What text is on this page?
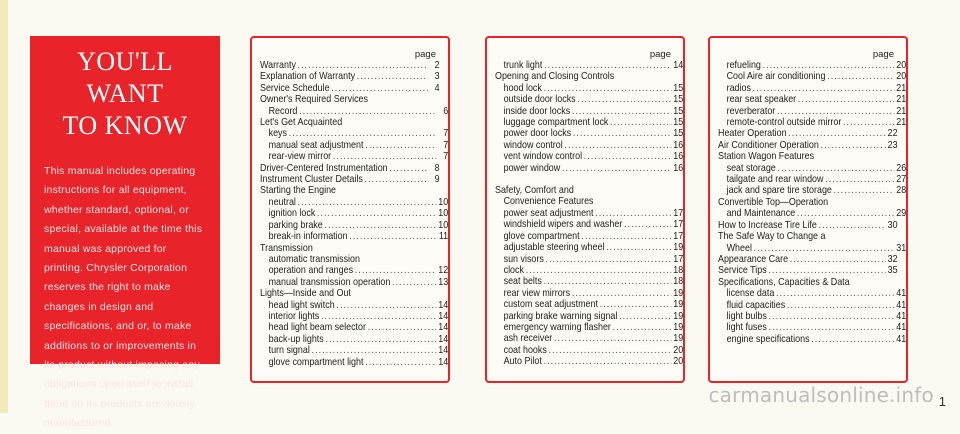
YOU'LL WANT
TO KNOW
This manual includes operating instructions for all equipment, whether standard, optional, or special, available at the time this manual was approved for printing. Chrysler Corporation reserves the right to make changes in design and specifications, and or, to make additions to or improvements in its product without imposing any obligations upon itself to install them on its products previously manufactured.
page
Warranty .....	2
Explanation of Warranty .....	3
Service Schedule .....	4
Owner's Required Services
Record .....	6
Let's Get Acquainted
keys .....	7
manual seat adjustment .....	7
rear-view mirror .....	7
Driver-Centered Instrumentation .....	8
Instrument Cluster Details .....	9
Starting the Engine
neutral .....	10
ignition lock .....	10
parking brake .....	10
break-in information .....	11
Transmission
automatic transmission
operation and ranges .....	12
manual transmission operation .....	13
Lights—Inside and Out
head light switch .....	14
interior lights .....	14
head light beam selector .....	14
back-up lights .....	14
turn signal .....	14
glove compartment light .....	14
page
trunk light .....	14
Opening and Closing Controls
hood lock .....	15
outside door locks .....	15
inside door locks .....	15
luggage compartment lock .....	15
power door locks .....	15
window control .....	16
vent window control .....	16
power window .....	16
Safety, Comfort and
Convenience Features
power seat adjustment .....	17
windshield wipers and washer .....	17
glove compartment .....	17
adjustable steering wheel .....	19
sun visors .....	17
clock .....	18
seat belts .....	18
rear view mirrors .....	19
custom seat adjustment .....	19
parking brake warning signal .....	19
emergency warning flasher .....	19
ash receiver .....	19
coat hooks .....	20
Auto Pilot .....	20
page
refueling .....	20
Cool Aire air conditioning .....	20
radios .....	21
rear seat speaker .....	21
reverberator .....	21
remote-control outside mirror .....	21
Heater Operation .....	22
Air Conditioner Operation .....	23
Station Wagon Features
seat storage .....	26
tailgate and rear window .....	27
jack and spare tire storage .....	28
Convertible Top—Operation
and Maintenance .....	29
How to Increase Tire Life .....	30
The Safe Way to Change a
Wheel .....	31
Appearance Care .....	32
Service Tips .....	35
Specifications, Capacities & Data
license data .....	41
fluid capacities .....	41
light bulbs .....	41
light fuses .....	41
engine specifications .....	41
carmanualsonline.info 1
